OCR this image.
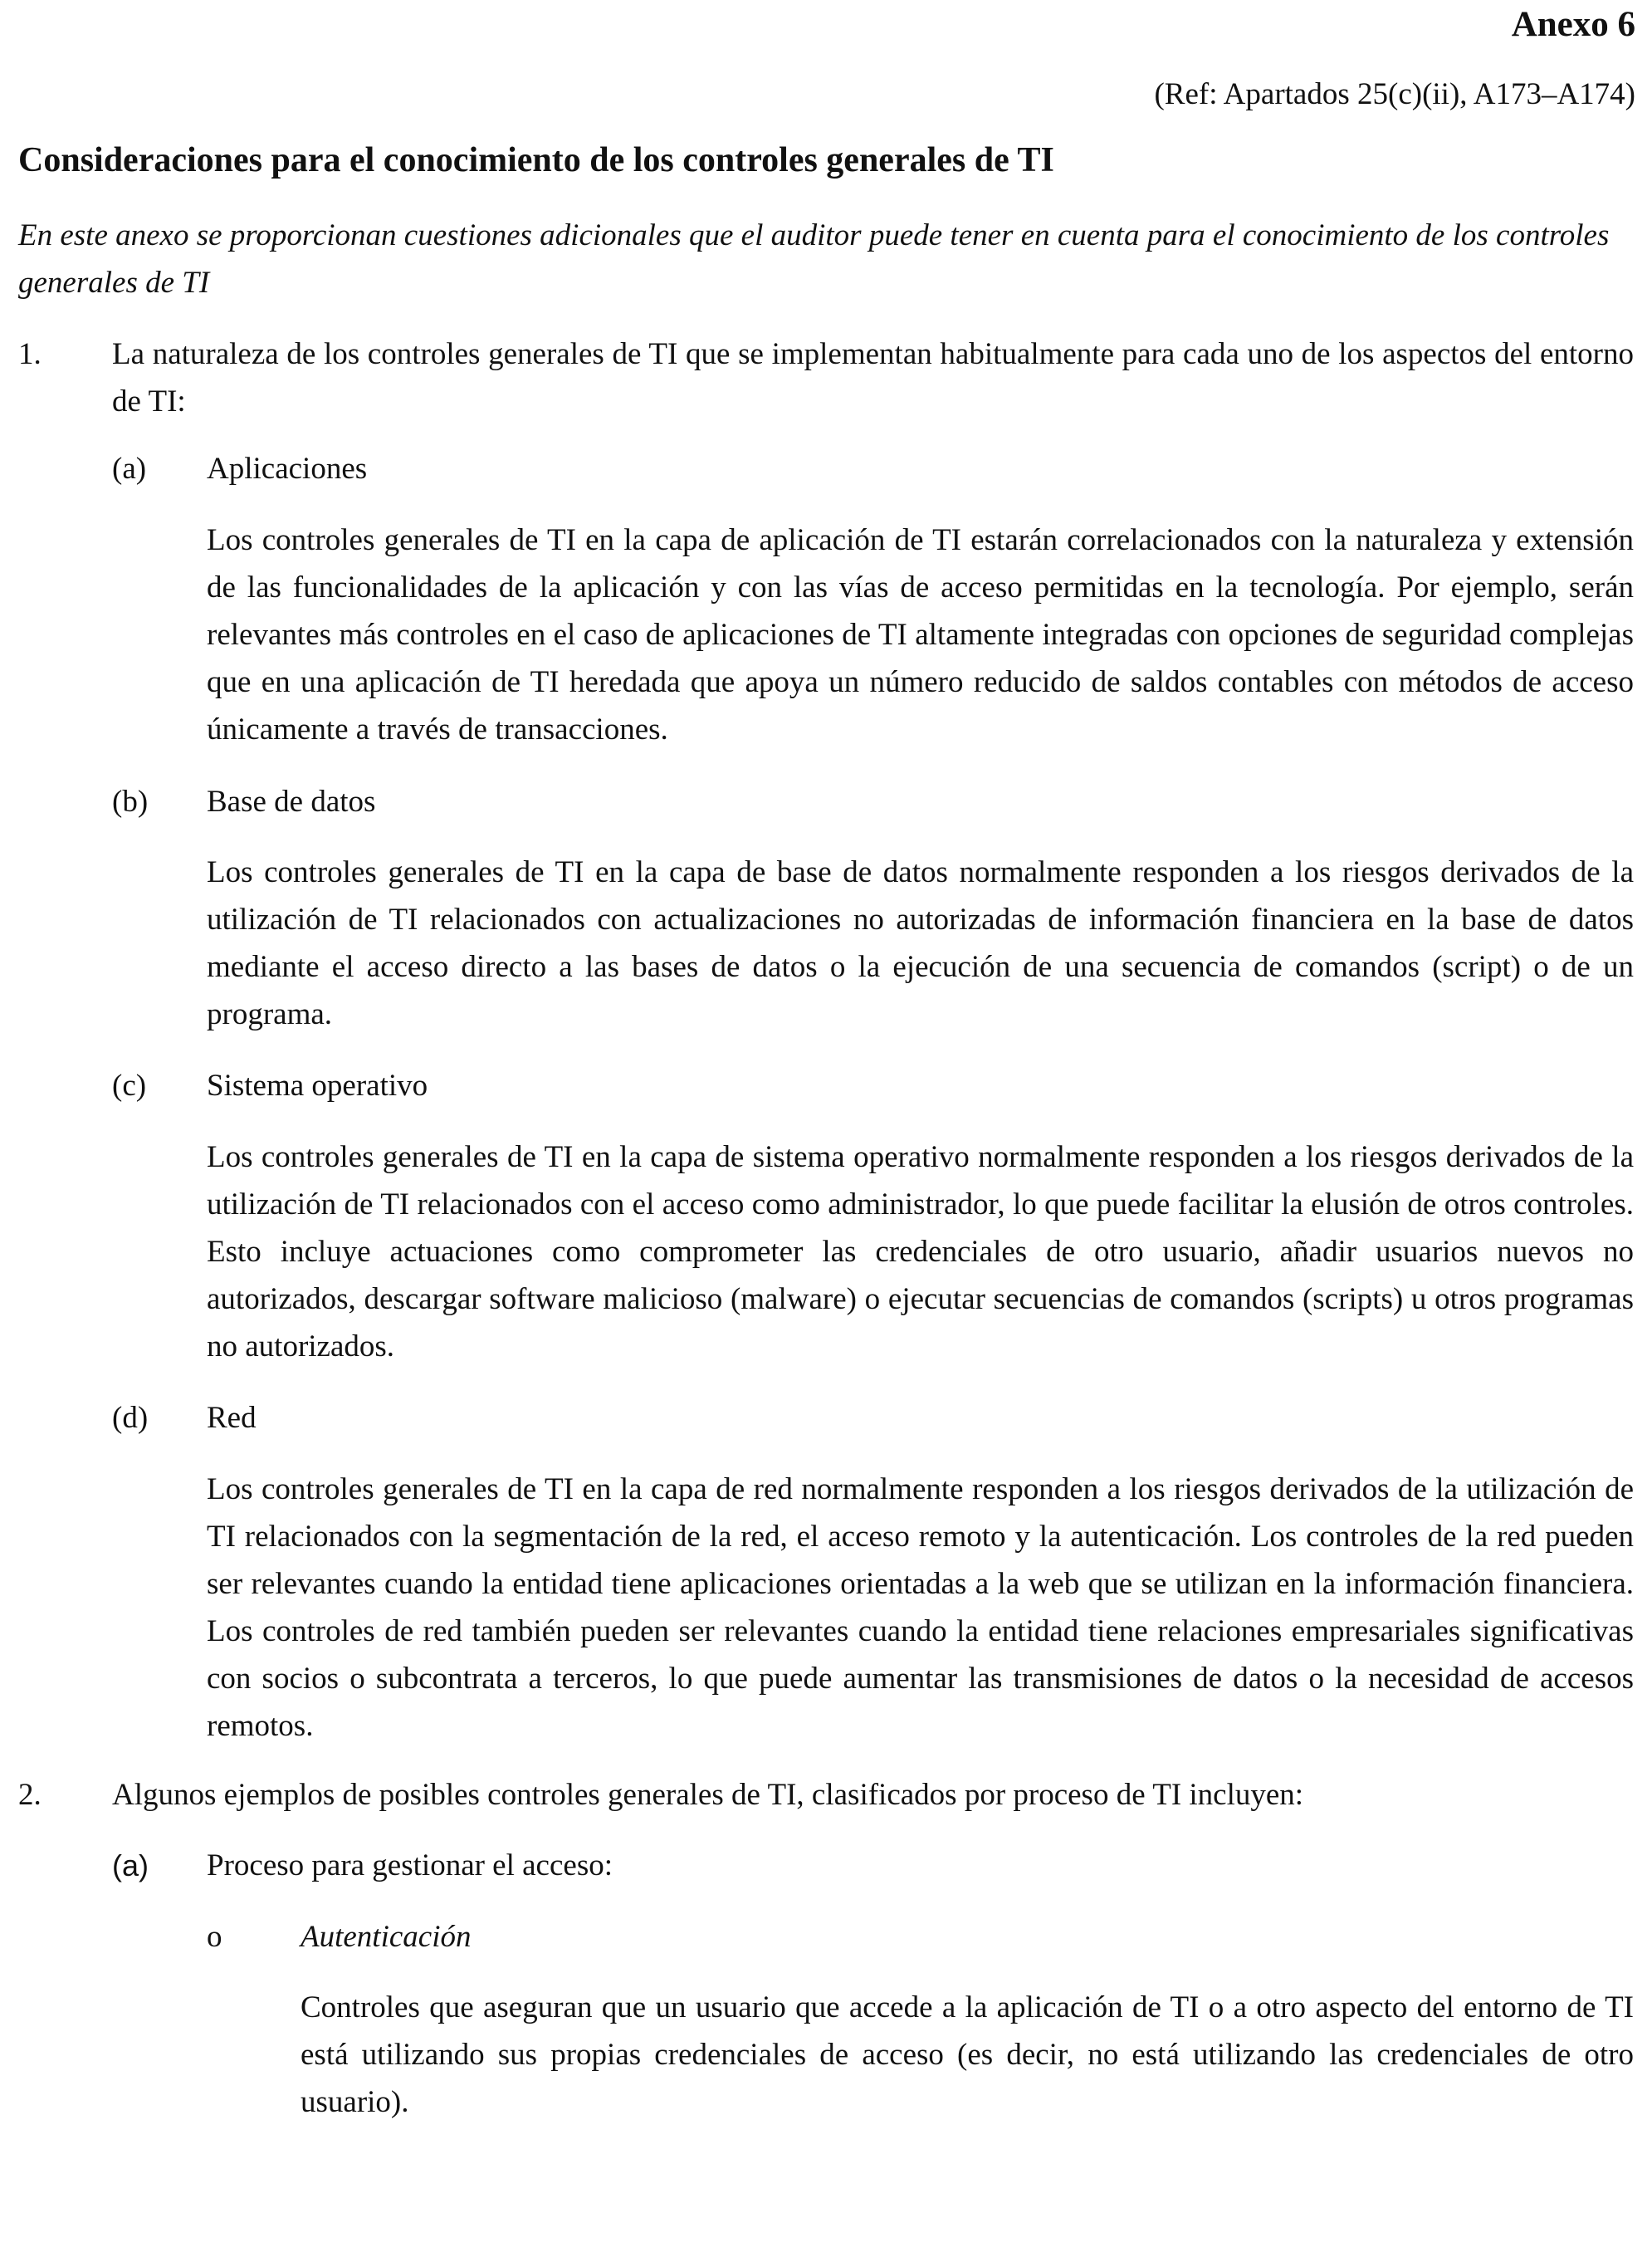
Anexo 6
(Ref: Apartados 25(c)(ii), A173–A174)
Consideraciones para el conocimiento de los controles generales de TI
En este anexo se proporcionan cuestiones adicionales que el auditor puede tener en cuenta para el conocimiento de los controles generales de TI
1. La naturaleza de los controles generales de TI que se implementan habitualmente para cada uno de los aspectos del entorno de TI:
(a) Aplicaciones
Los controles generales de TI en la capa de aplicación de TI estarán correlacionados con la naturaleza y extensión de las funcionalidades de la aplicación y con las vías de acceso permitidas en la tecnología. Por ejemplo, serán relevantes más controles en el caso de aplicaciones de TI altamente integradas con opciones de seguridad complejas que en una aplicación de TI heredada que apoya un número reducido de saldos contables con métodos de acceso únicamente a través de transacciones.
(b) Base de datos
Los controles generales de TI en la capa de base de datos normalmente responden a los riesgos derivados de la utilización de TI relacionados con actualizaciones no autorizadas de información financiera en la base de datos mediante el acceso directo a las bases de datos o la ejecución de una secuencia de comandos (script) o de un programa.
(c) Sistema operativo
Los controles generales de TI en la capa de sistema operativo normalmente responden a los riesgos derivados de la utilización de TI relacionados con el acceso como administrador, lo que puede facilitar la elusión de otros controles. Esto incluye actuaciones como comprometer las credenciales de otro usuario, añadir usuarios nuevos no autorizados, descargar software malicioso (malware) o ejecutar secuencias de comandos (scripts) u otros programas no autorizados.
(d) Red
Los controles generales de TI en la capa de red normalmente responden a los riesgos derivados de la utilización de TI relacionados con la segmentación de la red, el acceso remoto y la autenticación. Los controles de la red pueden ser relevantes cuando la entidad tiene aplicaciones orientadas a la web que se utilizan en la información financiera. Los controles de red también pueden ser relevantes cuando la entidad tiene relaciones empresariales significativas con socios o subcontrata a terceros, lo que puede aumentar las transmisiones de datos o la necesidad de accesos remotos.
2. Algunos ejemplos de posibles controles generales de TI, clasificados por proceso de TI incluyen:
(a) Proceso para gestionar el acceso:
o	Autenticación
Controles que aseguran que un usuario que accede a la aplicación de TI o a otro aspecto del entorno de TI está utilizando sus propias credenciales de acceso (es decir, no está utilizando las credenciales de otro usuario).
